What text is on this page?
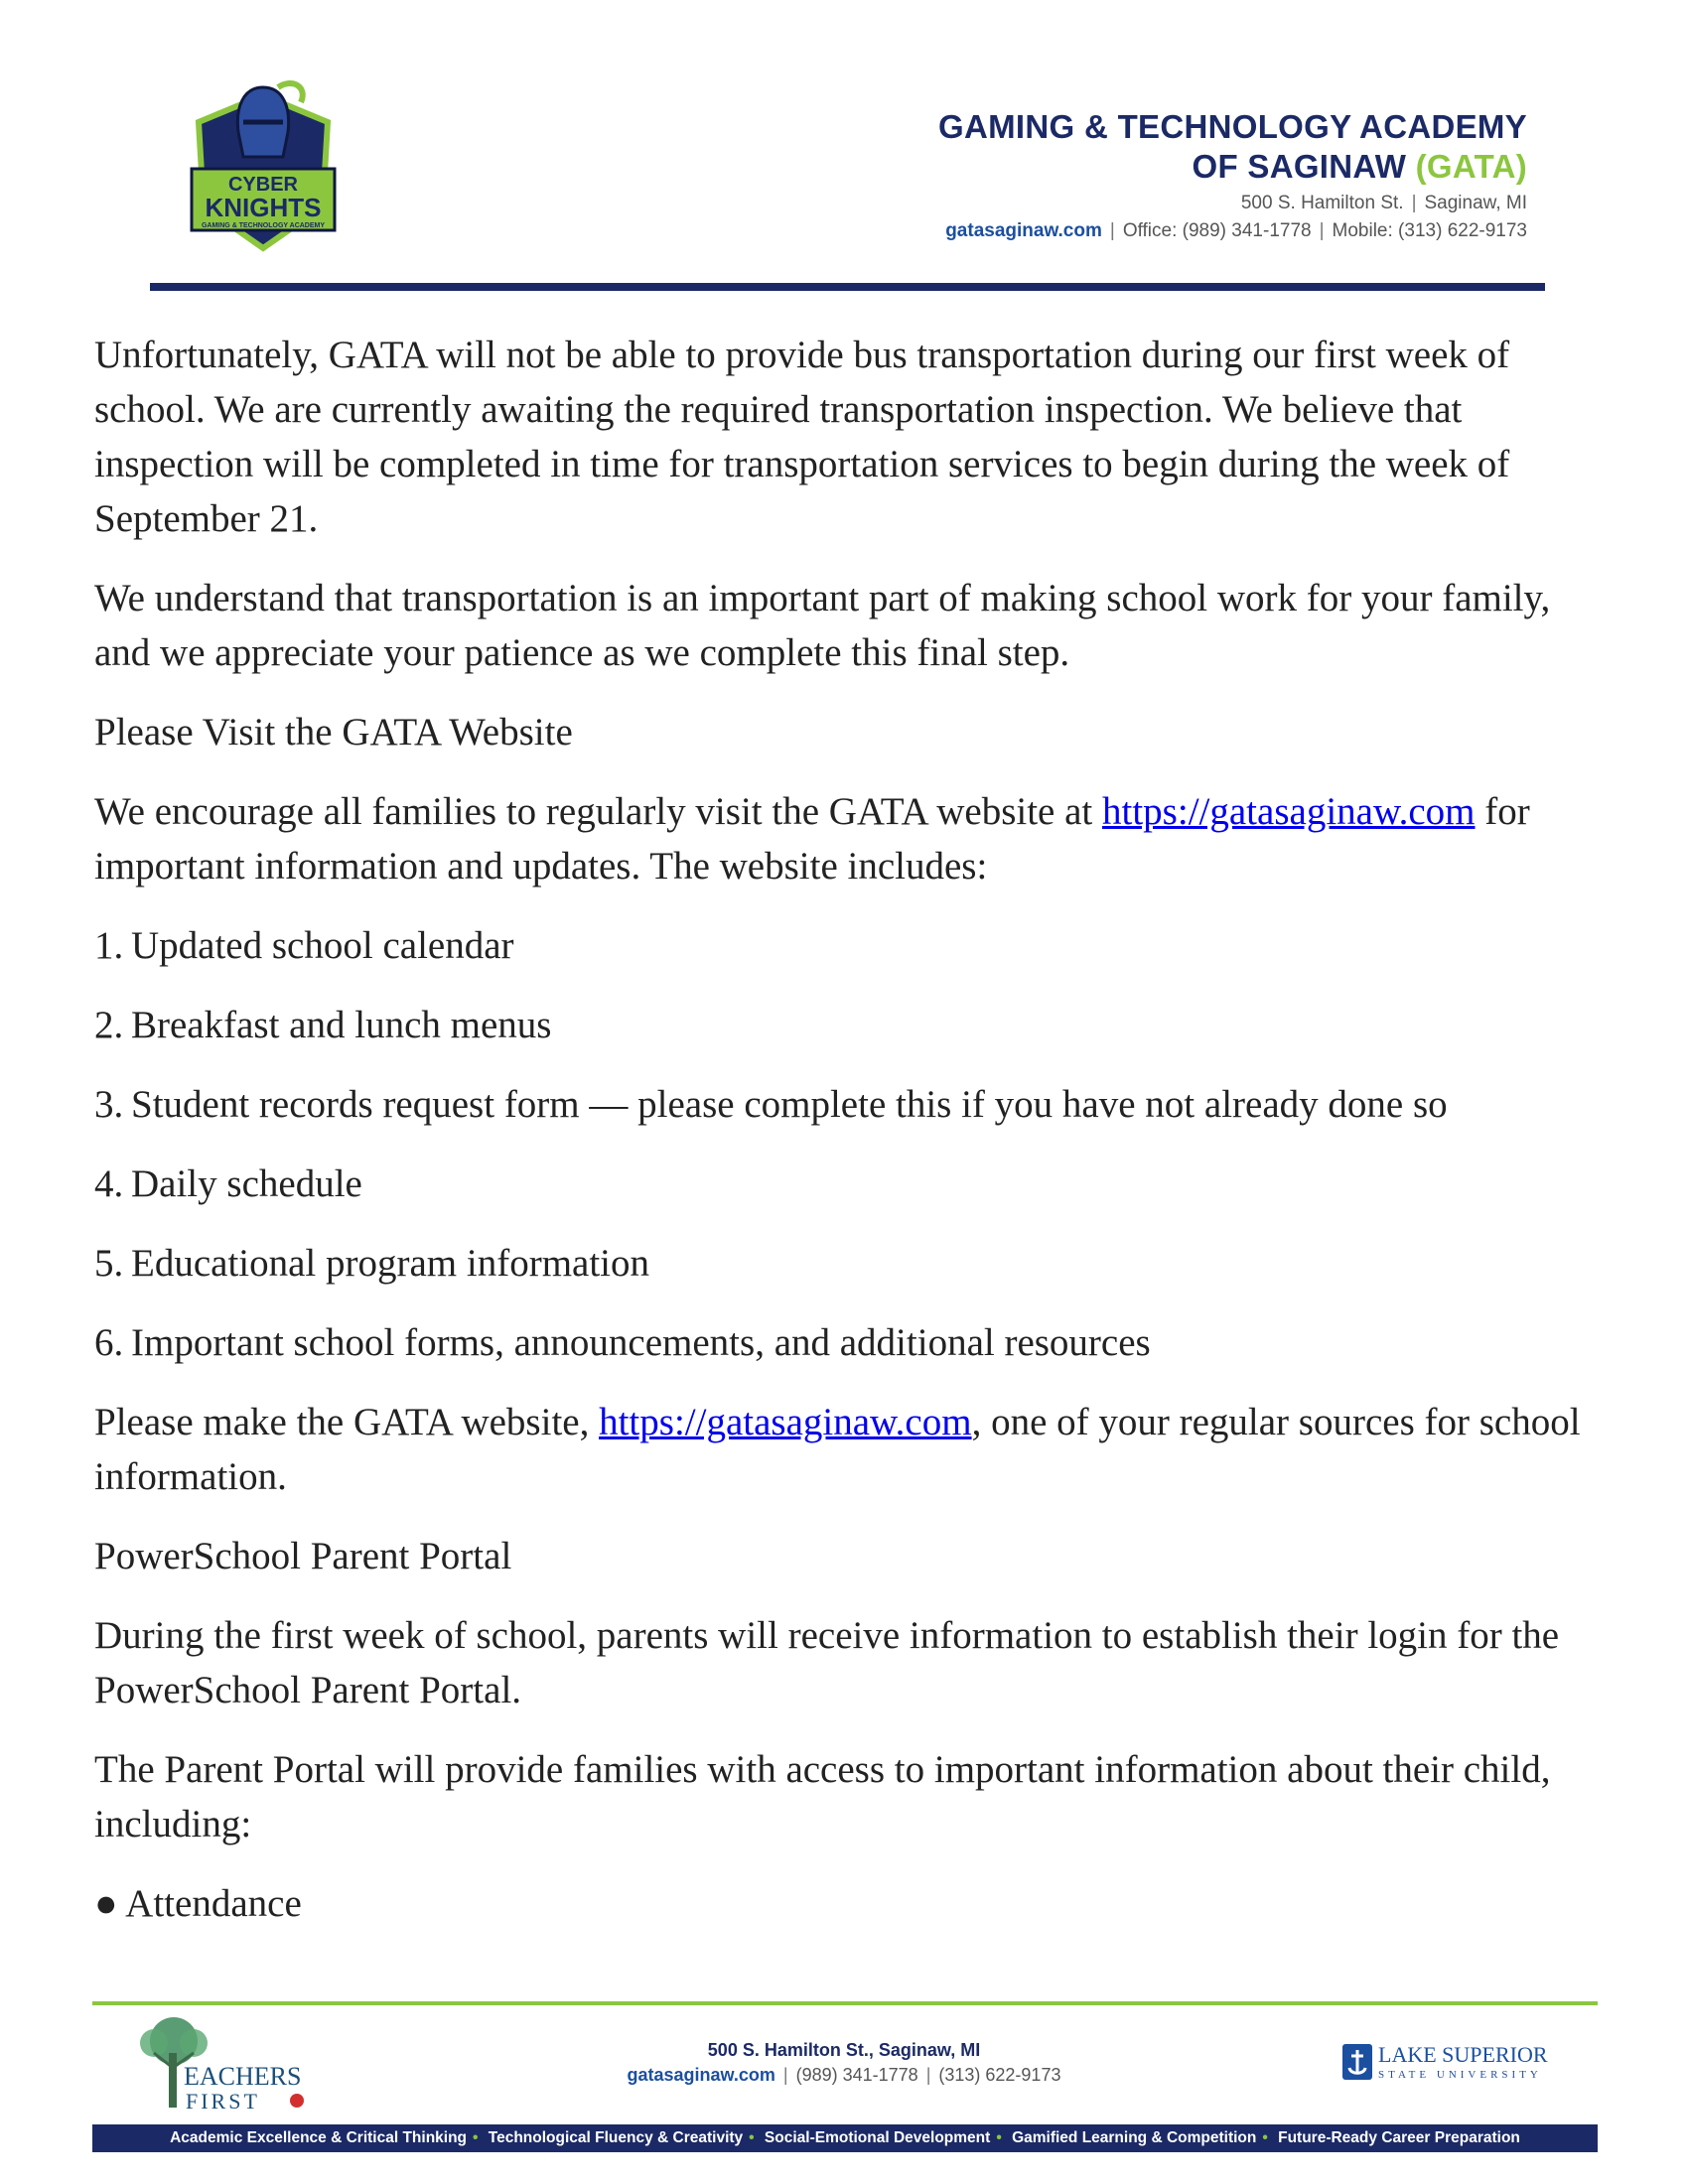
CYBER
KNIGHTS
GAMING & TECHNOLOGY ACADEMY
GAMING & TECHNOLOGY ACADEMY
OF SAGINAW (GATA)
500 S. Hamilton St. | Saginaw, MI
gatasaginaw.com | Office: (989) 341-1778 | Mobile: (313) 622-9173

Unfortunately, GATA will not be able to provide bus transportation during our first week of school. We are currently awaiting the required transportation inspection. We believe that inspection will be completed in time for transportation services to begin during the week of September 21.

We understand that transportation is an important part of making school work for your family, and we appreciate your patience as we complete this final step.

Please Visit the GATA Website

We encourage all families to regularly visit the GATA website at https://gatasaginaw.com for important information and updates. The website includes:

1. Updated school calendar
2. Breakfast and lunch menus
3. Student records request form — please complete this if you have not already done so
4. Daily schedule
5. Educational program information
6. Important school forms, announcements, and additional resources

Please make the GATA website, https://gatasaginaw.com, one of your regular sources for school information.

PowerSchool Parent Portal

During the first week of school, parents will receive information to establish their login for the PowerSchool Parent Portal.

The Parent Portal will provide families with access to important information about their child, including:

● Attendance
EACHERS
FIRST
500 S. Hamilton St., Saginaw, MI
gatasaginaw.com | (989) 341-1778 | (313) 622-9173
LAKE SUPERIOR
STATE UNIVERSITY
Academic Excellence & Critical Thinking • Technological Fluency & Creativity • Social-Emotional Development • Gamified Learning & Competition • Future-Ready Career Preparation
